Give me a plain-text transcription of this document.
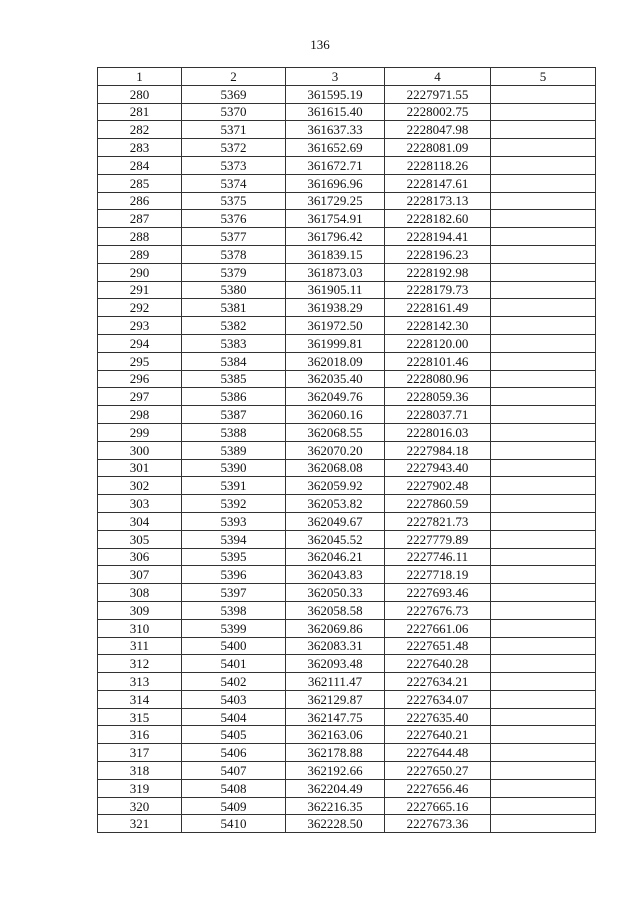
136
1	2	3	4	5
280	5369	361595.19	2227971.55	
281	5370	361615.40	2228002.75	
282	5371	361637.33	2228047.98	
283	5372	361652.69	2228081.09	
284	5373	361672.71	2228118.26	
285	5374	361696.96	2228147.61	
286	5375	361729.25	2228173.13	
287	5376	361754.91	2228182.60	
288	5377	361796.42	2228194.41	
289	5378	361839.15	2228196.23	
290	5379	361873.03	2228192.98	
291	5380	361905.11	2228179.73	
292	5381	361938.29	2228161.49	
293	5382	361972.50	2228142.30	
294	5383	361999.81	2228120.00	
295	5384	362018.09	2228101.46	
296	5385	362035.40	2228080.96	
297	5386	362049.76	2228059.36	
298	5387	362060.16	2228037.71	
299	5388	362068.55	2228016.03	
300	5389	362070.20	2227984.18	
301	5390	362068.08	2227943.40	
302	5391	362059.92	2227902.48	
303	5392	362053.82	2227860.59	
304	5393	362049.67	2227821.73	
305	5394	362045.52	2227779.89	
306	5395	362046.21	2227746.11	
307	5396	362043.83	2227718.19	
308	5397	362050.33	2227693.46	
309	5398	362058.58	2227676.73	
310	5399	362069.86	2227661.06	
311	5400	362083.31	2227651.48	
312	5401	362093.48	2227640.28	
313	5402	362111.47	2227634.21	
314	5403	362129.87	2227634.07	
315	5404	362147.75	2227635.40	
316	5405	362163.06	2227640.21	
317	5406	362178.88	2227644.48	
318	5407	362192.66	2227650.27	
319	5408	362204.49	2227656.46	
320	5409	362216.35	2227665.16	
321	5410	362228.50	2227673.36	
